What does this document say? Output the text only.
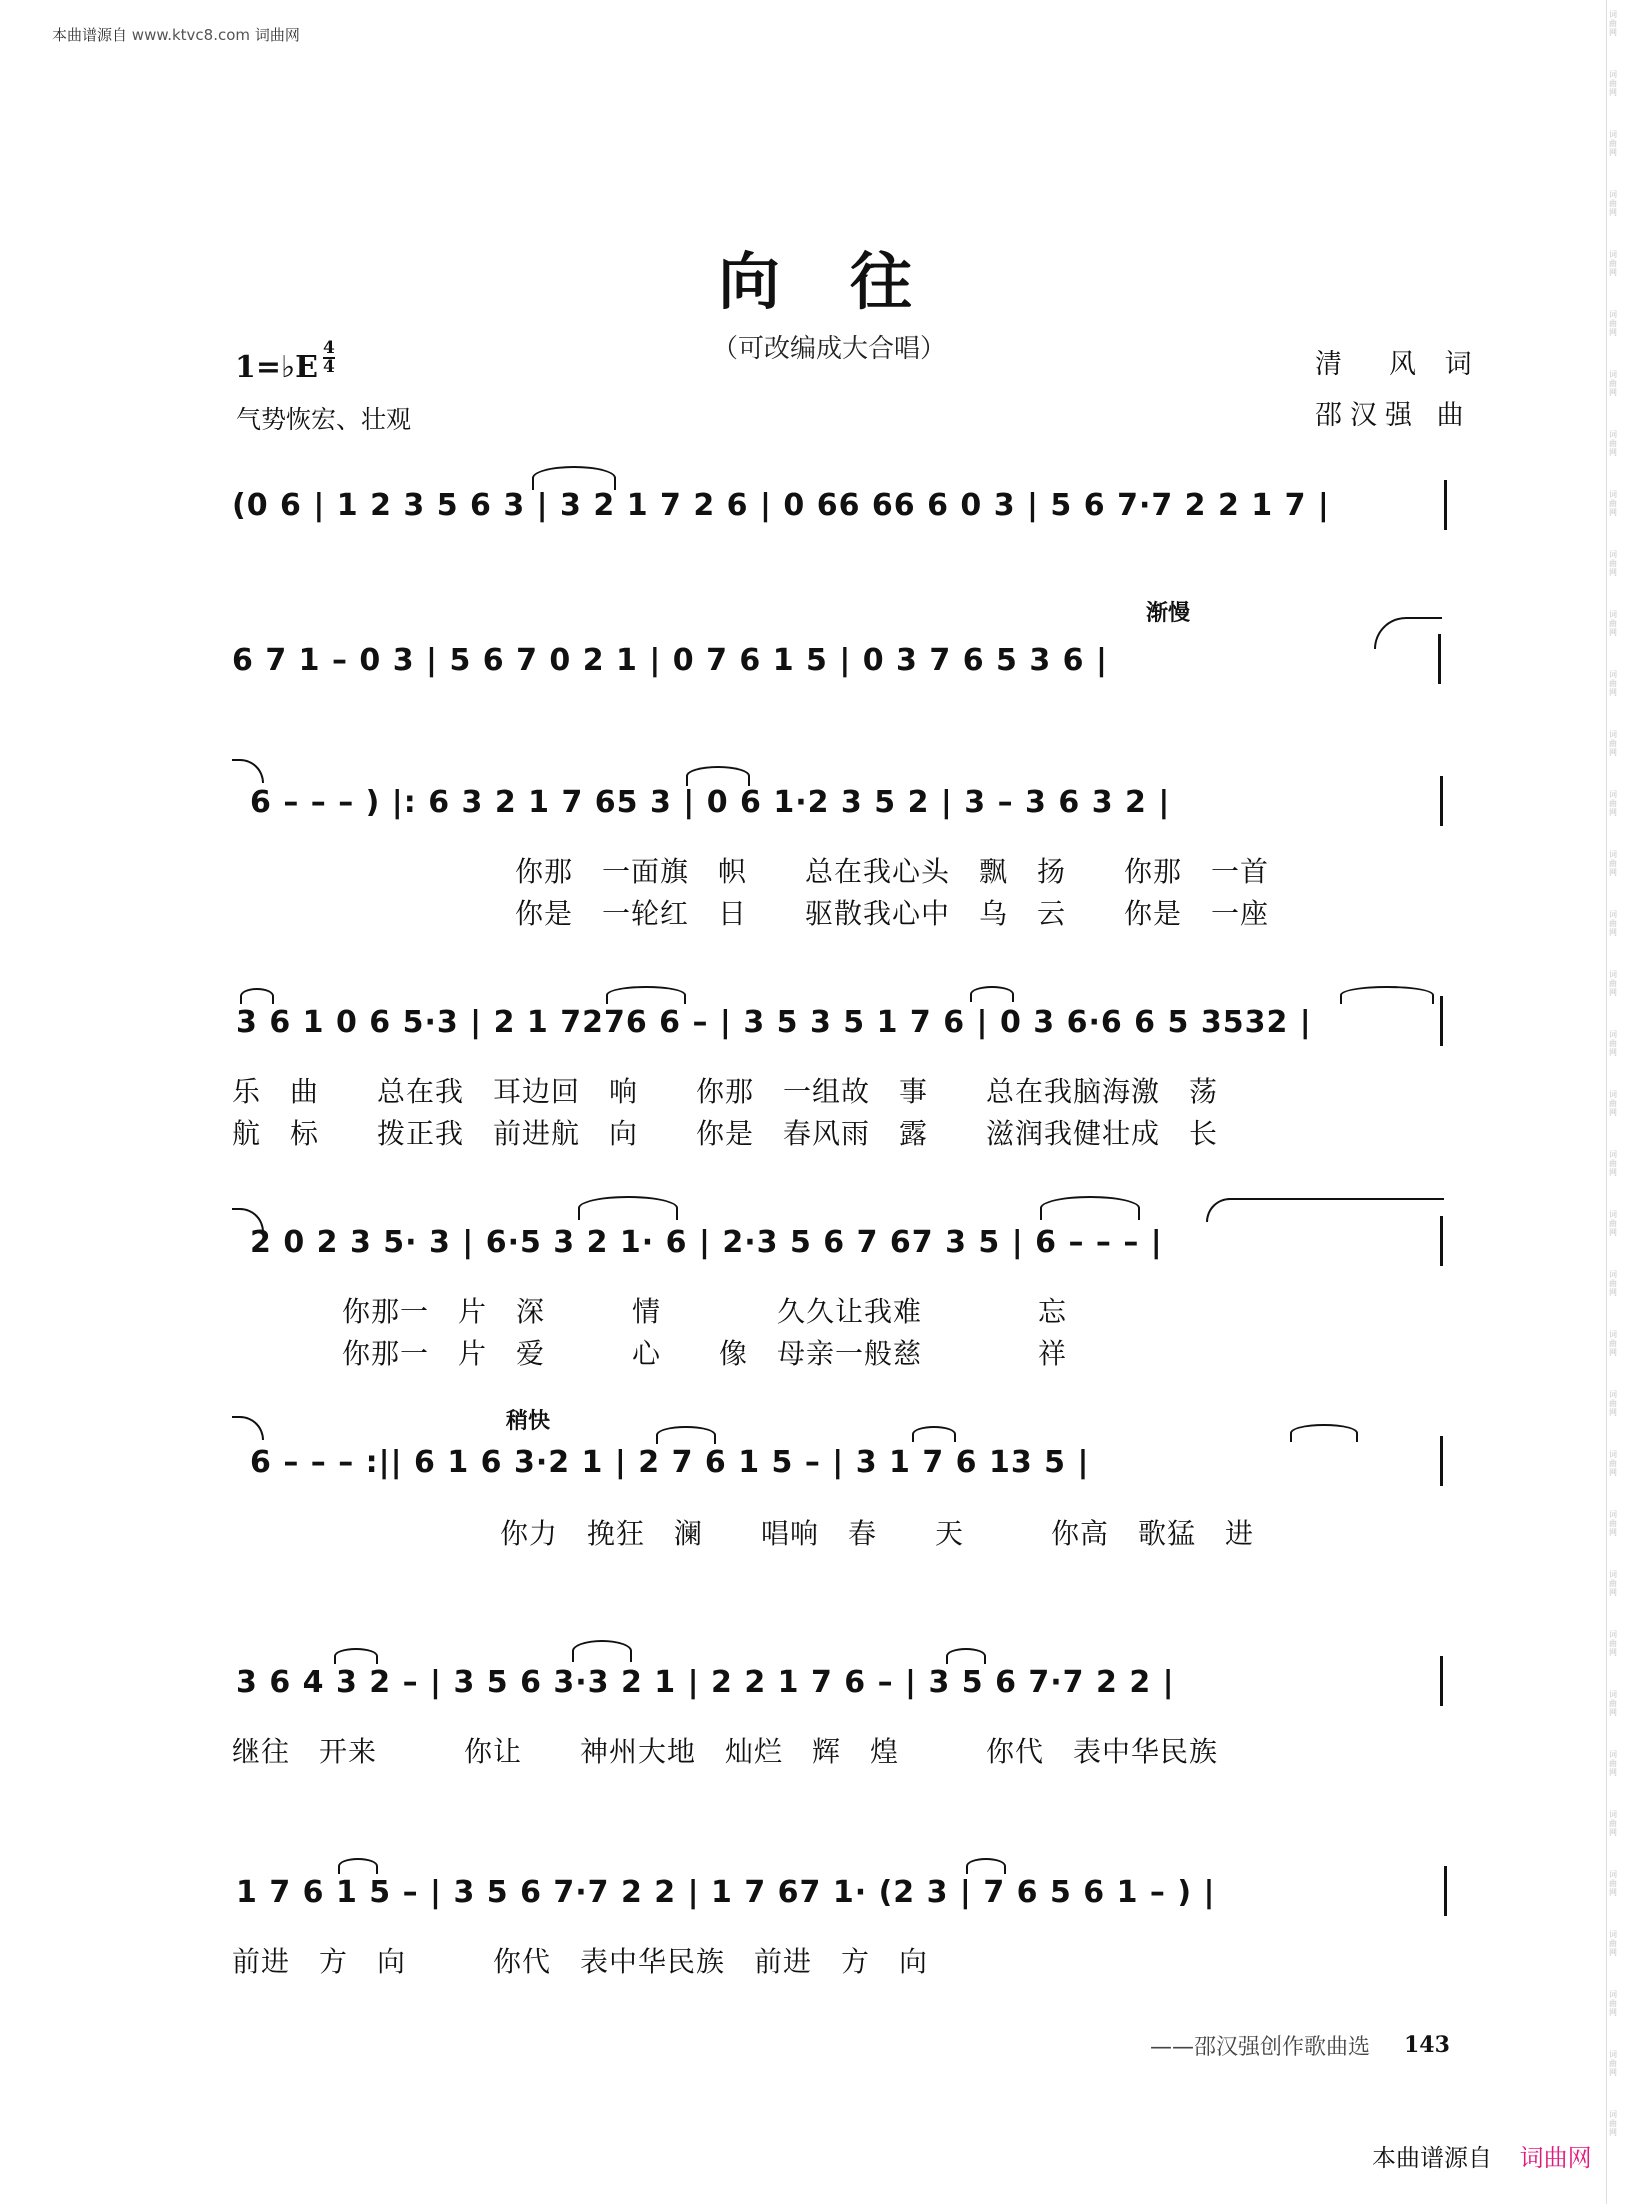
本曲谱源自 www.ktvc8.com 词曲网
词
曲
网
词
曲
网
词
曲
网
词
曲
网
词
曲
网
词
曲
网
词
曲
网
词
曲
网
词
曲
网
词
曲
网
词
曲
网
词
曲
网
词
曲
网
词
曲
网
词
曲
网
词
曲
网
词
曲
网
词
曲
网
词
曲
网
词
曲
网
词
曲
网
词
曲
网
词
曲
网
词
曲
网
词
曲
网
词
曲
网
词
曲
网
词
曲
网
词
曲
网
词
曲
网
词
曲
网
词
曲
网
词
曲
网
词
曲
网
词
曲
网
词
曲
网
向往
（可改编成大合唱）
1=♭E
4
4
气势恢宏、壮观
清　风 词
邵汉强 曲
(0 6 | 1 2 3 5 6 3 | 3 2 1 7 2 6 | 0 66 66 6 0 3 | 5 6 7·7 2 2 1 7 |
渐慢
6 7 1 – 0 3 | 5 6 7 0 2 1 | 0 7 6 1 5 | 0 3 7 6 5 3 6 |
6 – – – ) |: 6 3 2 1 7 65 3 | 0 6 1·2 3 5 2 | 3 – 3 6 3 2 |
你那　一面旗　帜　　总在我心头　飘　扬　　你那　一首
你是　一轮红　日　　驱散我心中　乌　云　　你是　一座
3 6 1 0 6 5·3 | 2 1 7276 6 – | 3 5 3 5 1 7 6 | 0 3 6·6 6 5 3532 |
乐　曲　　总在我　耳边回　响　　你那　一组故　事　　总在我脑海激　荡
航　标　　拨正我　前进航　向　　你是　春风雨　露　　滋润我健壮成　长
2 0 2 3 5· 3 | 6·5 3 2 1· 6 | 2·3 5 6 7 67 3 5 | 6 – – – |
你那一　片　深　　　情　　　　久久让我难　　　　忘
你那一　片　爱　　　心　　像　母亲一般慈　　　　祥
稍快
6 – – – :|| 6 1 6 3·2 1 | 2 7 6 1 5 – | 3 1 7 6 13 5 |
你力　挽狂　澜　　唱响　春　　天　　　你高　歌猛　进
3 6 4 3 2 – | 3 5 6 3·3 2 1 | 2 2 1 7 6 – | 3 5 6 7·7 2 2 |
继往　开来　　　你让　　神州大地　灿烂　辉　煌　　　你代　表中华民族
1 7 6 1 5 – | 3 5 6 7·7 2 2 | 1 7 67 1· (2 3 | 7 6 5 6 1 – ) |
前进　方　向　　　你代　表中华民族　前进　方　向
——邵汉强创作歌曲选 143
本曲谱源自 词曲网
